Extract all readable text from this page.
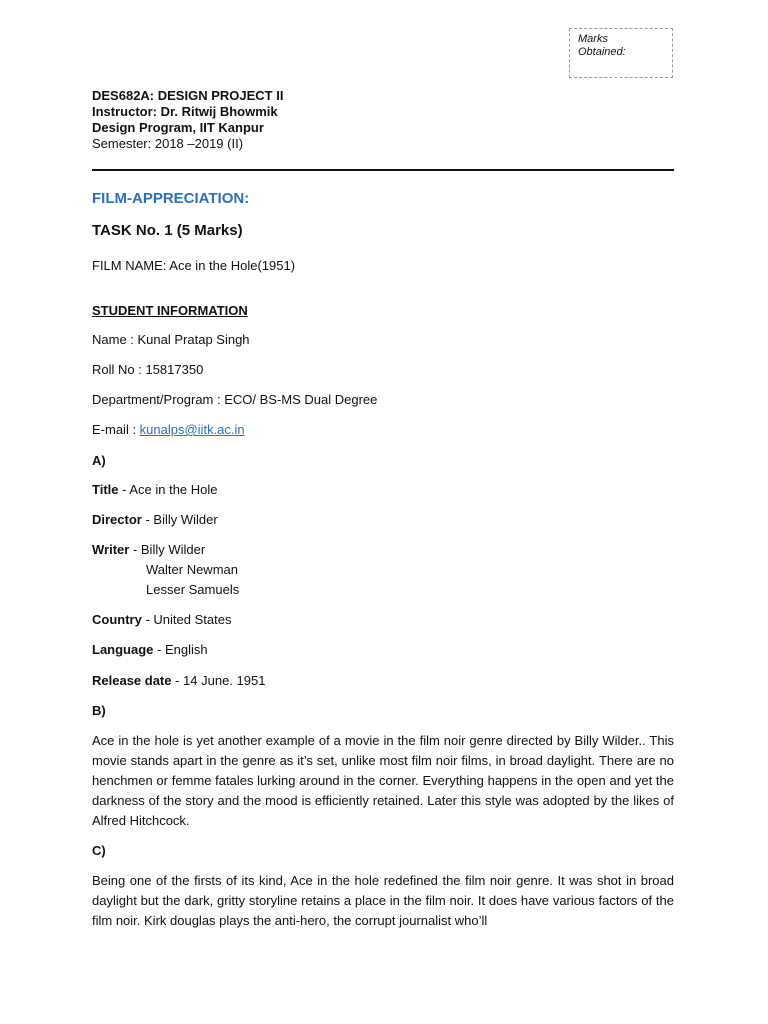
Marks
Obtained:
DES682A: DESIGN PROJECT II
Instructor: Dr. Ritwij Bhowmik
Design Program, IIT Kanpur
Semester: 2018 –2019 (II)
FILM-APPRECIATION:
TASK No. 1 (5 Marks)
FILM NAME: Ace in the Hole(1951)
STUDENT INFORMATION
Name : Kunal Pratap Singh
Roll No : 15817350
Department/Program : ECO/ BS-MS Dual Degree
E-mail : kunalps@iitk.ac.in
A)
Title - Ace in the Hole
Director - Billy Wilder
Writer - Billy Wilder
Walter Newman
Lesser Samuels
Country - United States
Language - English
Release date - 14 June. 1951
B)
Ace in the hole is yet another example of a movie in the film noir genre directed by Billy Wilder.. This movie stands apart in the genre as it’s set, unlike most film noir films, in broad daylight. There are no henchmen or femme fatales lurking around in the corner. Everything happens in the open and yet the darkness of the story and the mood is efficiently retained. Later this style was adopted by the likes of Alfred Hitchcock.
C)
Being one of the firsts of its kind, Ace in the hole redefined the film noir genre. It was shot in broad daylight but the dark, gritty storyline retains a place in the film noir. It does have various factors of the film noir. Kirk douglas plays the anti-hero, the corrupt journalist who’ll
